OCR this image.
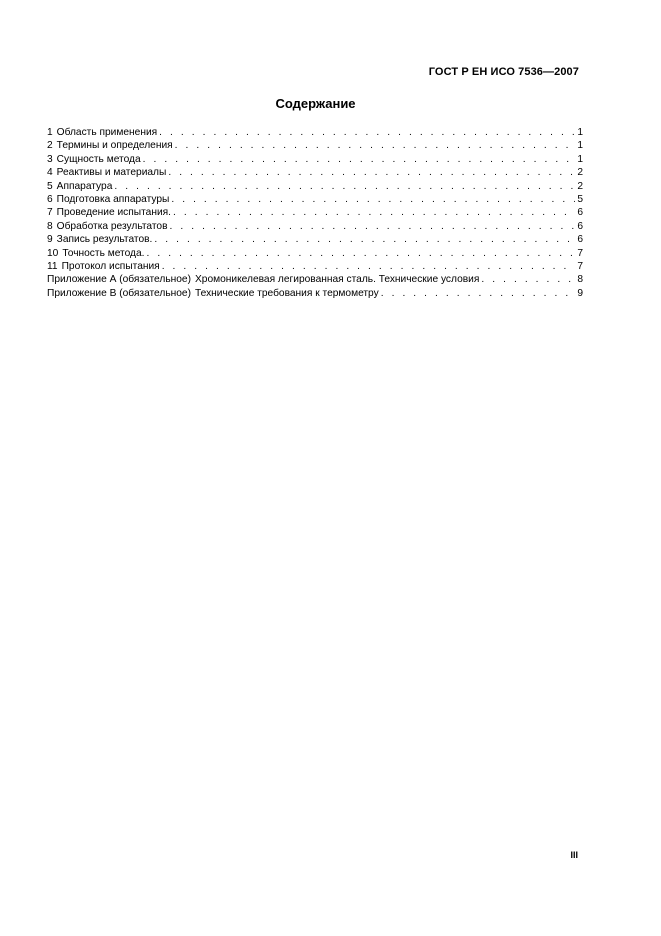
ГОСТ Р ЕН ИСО 7536—2007
Содержание
1 Область применения . . .	1
2 Термины и определения . . .	1
3 Сущность метода . . .	1
4 Реактивы и материалы . . .	2
5 Аппаратура . . .	2
6 Подготовка аппаратуры . . .	5
7 Проведение испытания. . . .	6
8 Обработка результатов . . .	6
9 Запись результатов. . . .	6
10 Точность метода. . . .	7
11 Протокол испытания . . .	7
Приложение А (обязательное) Хромоникелевая легированная сталь. Технические условия . . .	8
Приложение В (обязательное) Технические требования к термометру . . .	9
III
